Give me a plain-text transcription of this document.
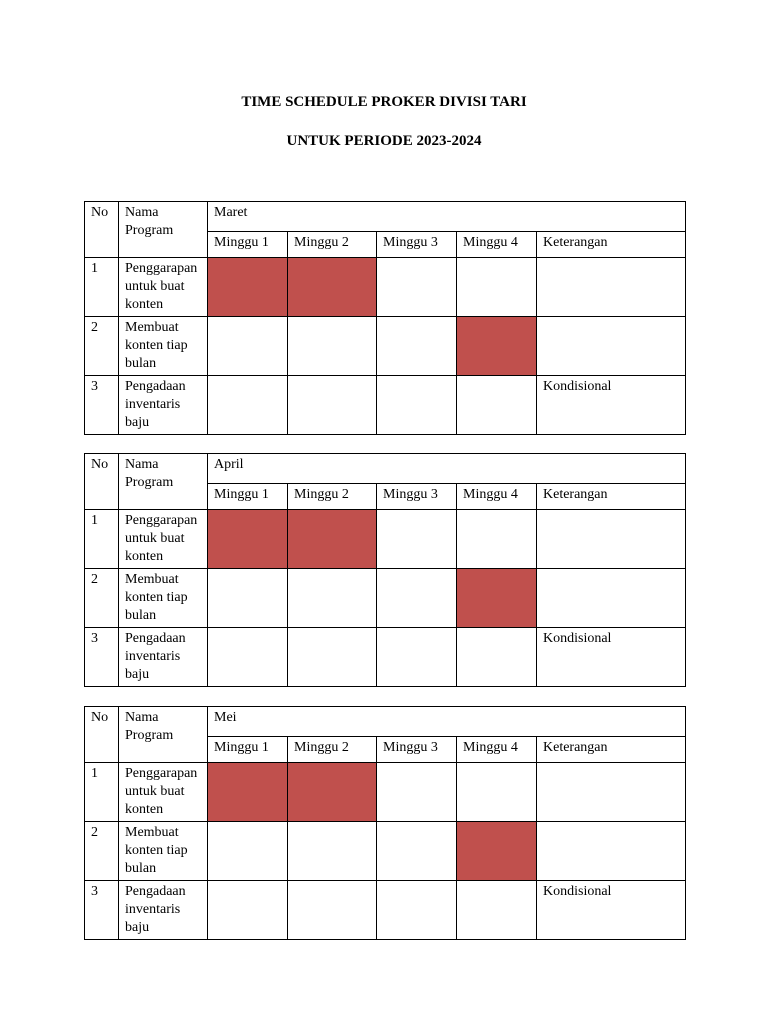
TIME SCHEDULE PROKER DIVISI TARI
UNTUK PERIODE 2023-2024
No	Nama Program	Maret				
		Minggu 1	Minggu 2	Minggu 3	Minggu 4	Keterangan
1	Penggarapan untuk buat konten					
2	Membuat konten tiap bulan					
3	Pengadaan inventaris baju					Kondisional
No	Nama Program	April				
		Minggu 1	Minggu 2	Minggu 3	Minggu 4	Keterangan
1	Penggarapan untuk buat konten					
2	Membuat konten tiap bulan					
3	Pengadaan inventaris baju					Kondisional
No	Nama Program	Mei				
		Minggu 1	Minggu 2	Minggu 3	Minggu 4	Keterangan
1	Penggarapan untuk buat konten					
2	Membuat konten tiap bulan					
3	Pengadaan inventaris baju					Kondisional
